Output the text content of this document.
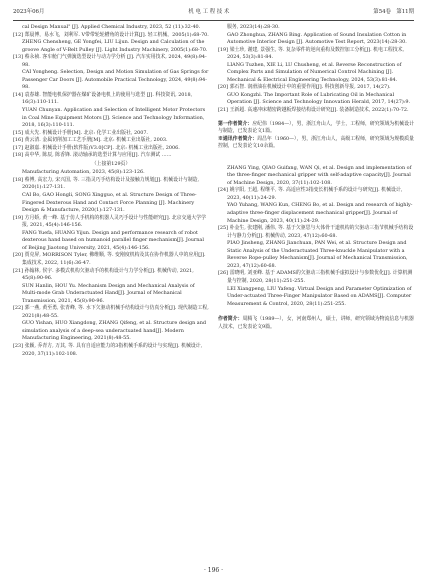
2023年06月	机 电 工 程 技 术	第54卷　第11期

cal Design Manual" [J]. Applied Chemical Industry, 2023, 52 (11):32-40.

[12] 郑晨博，易水飞，刘利军. V带带轮轮槽角的设计计算[J]. 轻工机械，2005(1):68-70.

ZHENG Chensheng, GE Yongfei, LIU Lijun. Design and Calculation of the groove Angle of V-Belt Pulley [J]. Light Industry Machinery, 2005(1):68-70.

[13] 蔡永祯. 客车舱门气弹簧选型设计与动力学分析 [J]. 汽车实用技术, 2024, 49(8):94-98.

CAI Yongheng. Selection, Design and Motion Simulation of Gas Springs for Passenger Car Doors [J]. Automobile Practical Technology, 2024, 49(8):94-98.

[14] 袁春雄. 智能电机保护器在煤矿设备电机上的使用与选型 [J]. 科技资讯, 2018, 16(3):110-111.

YUAN Chunyan. Application and Selection of Intelligent Motor Protectors in Coal Mine Equipment Motors [J]. Science and Technology Information, 2018, 16(3):110-111.

[15] 成大先. 机械设计手册[M]. 北京: 化学工业出版社, 2007.

[16] 黄云清. 金属切削加工工艺手册[M]. 北京: 机械工业出版社, 2003.

[17] 赵淑嘉. 机械设计手册(软件版)V3.0[CP]. 北京: 机械工业出版社, 2006.

[18] 高中华, 陈辰, 陈香锋. 滚动轴承的选型计算与应用[J]. 汽车测试 ……

（上接第129页）

Manufacturing Automation, 2023, 45(8):123-126.

[18] 蔡博, 高宏力, 宋兴国, 等. 三指灵巧手结构设计及接触力规划[J]. 机械设计与制造, 2020(1):127-131.

CAI Bo, GAO Hongli, SONG Xingguo, et al. Structure Design of Three-Fingered Dexterous Hand and Contact Force Planning [J]. Machinery Design & Manufacture, 2020(1):127-131.

[19] 方月娇, 黄一峰. 基于仿人手机构的机器人灵巧手设计与性能研究[J]. 北京交通大学学报, 2021, 45(4):146-156.

FANG Yuefa, HUANG Yijun. Design and performance research of robot dexterous hand based on humanoid parallel finger mechanism[J]. Journal of Beijing Jiaotong University, 2021, 45(4):146-156.

[20] 贾克屏, MORRISON Tyler, 佛维顺, 等. 变刚度机构及其在协作机器人中的应用[J]. 集成技术, 2022, 11(6):36-47.

[21] 孙翰林, 侯宇. 多模式机构欠驱动手的机构设计与力学分析[J]. 机械传动, 2021, 45(8):90-96.

SUN Hanlin, HOU Yu. Mechanism Design and Mechanical Analysis of Multi-mode Grab Underactuated Hand[J]. Journal of Mechanical Transmission, 2021, 45(8):90-96.

[22] 郭一燕, 黄至勇, 张青峰, 等. 水下欠驱动机械手结构设计与仿真分析[J]. 现代制造工程, 2021(8):48-55.

GUO Yishan, HUO Xiangdong, ZHANG Qifeng, et al. Structure design and simulation analysis of a deep-sea underactuated hand[J]. Modern Manufacturing Engineering, 2021(8):48-55.

[23] 张颖, 乔青方, 万其, 等. 具有自适应能力的3指机械手系的设计与实现[J]. 机械设计, 2020, 37(11):102-108.

服务, 2023(14):28-30.

GAO Zhonghua, ZHANG Bing. Application of Sound Insulation Cotton in Automotive Interior Design [J]. Automotive Test Report, 2023(14):28-30.

[19] 梁土珍, 谢建, 景强生, 等. 复杂零件的逆向重构及数控加工分析[J]. 机电工程技术, 2024, 53(3):81-84.

LIANG Tuzhen, XIE Li, LU Chusheng, et al. Reverse Reconstruction of Complex Parts and Simulation of Numerical Control Machining [J]. Mechanical & Electrical Engineering Technology, 2024, 53(3):81-84.

[20] 郭石智. 润滑油在机械设计中的重要作用[J]. 科技创新导报, 2017, 14(27).

GUO Kongzhi. The Important Role of Lubricating Oil in Mechanical Operation [J]. Science and Technology Innovation Herald, 2017, 14(27):9.

[21] 王新超. 高速冲床精密跨越板焊接结构设计研究[J]. 装备制造技术, 2022(1):70-72.

第一作者简介：应纪伟（1984—），男，浙江舟山人，学士，工程师，研究领域为机械设计与制造，已发表论文1篇。

※通讯作者简介：周昌年（1960—），男，浙江舟山人，高级工程师，研究领域为规模质量控制，已发表论文10余篇。

ZHANG Ying, QIAO Guifang, WAN Qi, et al. Design and implementation of the three-finger mechanical gripper with self-adaptive capacity[J]. Journal of Machine Design, 2020, 37(11):102-108.

[24] 姚宇阳, 王超, 程继平, 等. 高适应性3指变长机械手系的设计与研究[J]. 机械设计, 2023, 40(11):24-29.

YAO Yuhang, WANG Kun, CHENG Bo, et al. Design and research of highly-adaptive three-finger displacement mechanical gripper[J]. Journal of Machine Design, 2023, 40(11):24-29.

[25] 朴金生, 张建刚, 潘伟, 等. 基于欠驱思与大体骨干道机构的欠驱动三指节机械手结构设计与静力分析[J]. 机械传动, 2023, 47(12):60-68.

PIAO Jinsheng, ZHANG Jianchuan, PAN Wei, et al. Structure Design and Static Analysis of the Underactuated Three-knuckle Manipulator with a Reverse Rope-pulley Mechanism[J]. Journal of Mechanical Transmission, 2023, 47(12):60-68.

[26] 雷晓明, 刘亚峰. 基于 ADAMS的欠驱动三指机械手虚拟设计与参数优化[J]. 计算机测量与控制, 2020, 28(11):251-255.

LEI Xiangpeng, LIU Yafeng. Virtual Design and Parameter Optimization of Under-actuated Three-Finger Manipulator Based on ADAMS[J]. Computer Measurement & Control, 2020, 28(11):251-255.

作者简介：周腾飞（1989—），女，河南郑州人，硕士，讲师，研究领域为物流信息与机器人技术，已发表论文9篇。

· 196 ·
